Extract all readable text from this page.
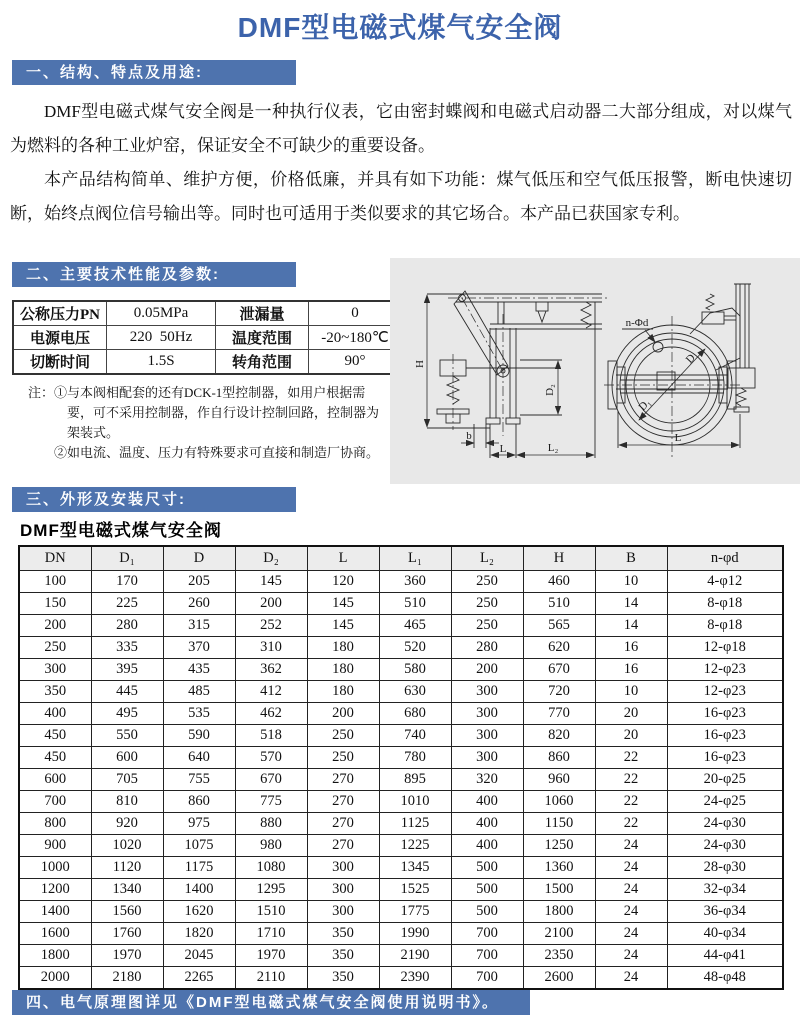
DMF型电磁式煤气安全阀
一、结构、特点及用途:

DMF型电磁式煤气安全阀是一种执行仪表，它由密封蝶阀和电磁式启动器二大部分组成，对以煤气为燃料的各种工业炉窑，保证安全不可缺少的重要设备。

本产品结构简单、维护方便，价格低廉，并具有如下功能：煤气低压和空气低压报警，断电快速切断，始终点阀位信号输出等。同时也可适用于类似要求的其它场合。本产品已获国家专利。

二、主要技术性能及参数:
公称压力PN	0.05MPa	泄漏量	0
电源电压	220  50Hz	温度范围	-20~180℃
切断时间	1.5S	转角范围	90°
注：①与本阀相配套的还有DCK-1型控制器，如用户根据需要，可不采用控制器，作自行设计控制回路，控制器为架装式。
②如电流、温度、压力有特殊要求可直接和制造厂协商。
H
D₂
b
L	L₂
n-Φd
D
D₁
L
三、外形及安装尺寸:
DMF型电磁式煤气安全阀
DN	D₁	D	D₂	L	L₁	L₂	H	B	n-φd
100	170	205	145	120	360	250	460	10	4-φ12
150	225	260	200	145	510	250	510	14	8-φ18
200	280	315	252	145	465	250	565	14	8-φ18
250	335	370	310	180	520	280	620	16	12-φ18
300	395	435	362	180	580	200	670	16	12-φ23
350	445	485	412	180	630	300	720	10	12-φ23
400	495	535	462	200	680	300	770	20	16-φ23
450	550	590	518	250	740	300	820	20	16-φ23
450	600	640	570	250	780	300	860	22	16-φ23
600	705	755	670	270	895	320	960	22	20-φ25
700	810	860	775	270	1010	400	1060	22	24-φ25
800	920	975	880	270	1125	400	1150	22	24-φ30
900	1020	1075	980	270	1225	400	1250	24	24-φ30
1000	1120	1175	1080	300	1345	500	1360	24	28-φ30
1200	1340	1400	1295	300	1525	500	1500	24	32-φ34
1400	1560	1620	1510	300	1775	500	1800	24	36-φ34
1600	1760	1820	1710	350	1990	700	2100	24	40-φ34
1800	1970	2045	1970	350	2190	700	2350	24	44-φ41
2000	2180	2265	2110	350	2390	700	2600	24	48-φ48
四、电气原理图详见《DMF型电磁式煤气安全阀使用说明书》。
